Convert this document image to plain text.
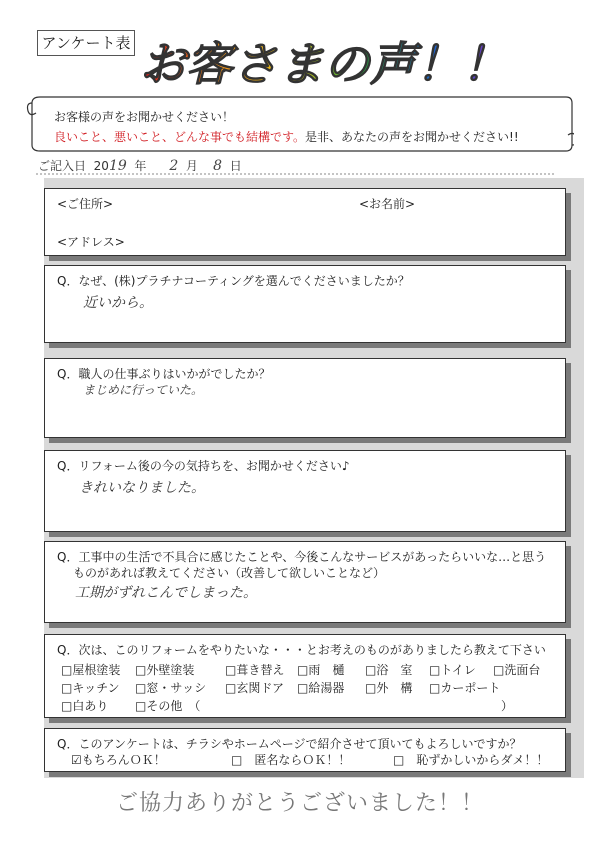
アンケート表 お客さまの声！！
お客様の声をお聞かせください！
良いこと、悪いこと、どんな事でも結構です。是非、あなたの声をお聞かせください!!
ご記入日 2019 年 2 月 8 日
<ご住所>	<お名前>
<アドレス>
Q．なぜ、(株)プラチナコーティングを選んでくださいましたか？
近いから。
Q．職人の仕事ぶりはいかがでしたか？
まじめに行っていた。
Q．リフォーム後の今の気持ちを、お聞かせください♪
きれいなりました。
Q．工事中の生活で不具合に感じたことや、今後こんなサービスがあったらいいな…と思う
ものがあれば教えてください（改善して欲しいことなど）
工期がずれこんでしまった。
Q．次は、このリフォームをやりたいな・・・とお考えのものがありましたら教えて下さい
□屋根塗装 □外壁塗装	□葺き替え □雨　樋 □浴　室 □トイレ □洗面台
□キッチン □窓・サッシ □玄関ドア □給湯器 □外　構 □カーポート
□白あり □その他　（	）
Q．このアンケートは、チラシやホームページで紹介させて頂いてもよろしいですか？
☑もちろんＯＫ！	□　匿名ならＯＫ！！	□　恥ずかしいからダメ！！
ご協力ありがとうございました！！
